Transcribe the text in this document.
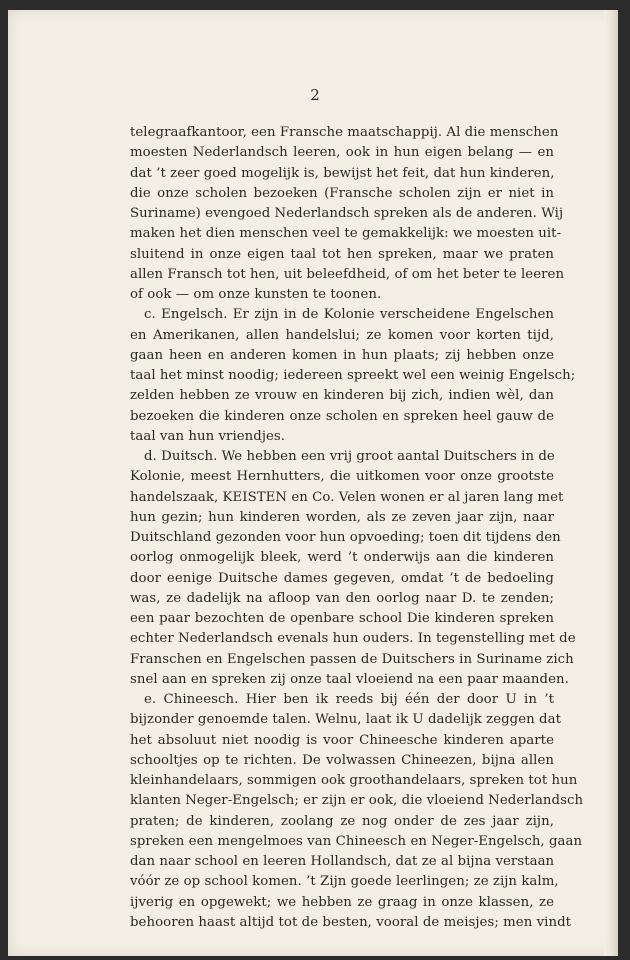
2
telegraafkantoor, een Fransche maatschappij. Al die menschen
moesten Nederlandsch leeren, ook in hun eigen belang — en
dat ’t zeer goed mogelijk is, bewijst het feit, dat hun kinderen,
die onze scholen bezoeken (Fransche scholen zijn er niet in
Suriname) evengoed Nederlandsch spreken als de anderen. Wij
maken het dien menschen veel te gemakkelijk: we moesten uit-
sluitend in onze eigen taal tot hen spreken, maar we praten
allen Fransch tot hen, uit beleefdheid, of om het beter te leeren
of ook — om onze kunsten te toonen.
c. Engelsch. Er zijn in de Kolonie verscheidene Engelschen
en Amerikanen, allen handelslui; ze komen voor korten tijd,
gaan heen en anderen komen in hun plaats; zij hebben onze
taal het minst noodig; iedereen spreekt wel een weinig Engelsch;
zelden hebben ze vrouw en kinderen bij zich, indien wèl, dan
bezoeken die kinderen onze scholen en spreken heel gauw de
taal van hun vriendjes.
d. Duitsch. We hebben een vrij groot aantal Duitschers in de
Kolonie, meest Hernhutters, die uitkomen voor onze grootste
handelszaak, KEISTEN en Co. Velen wonen er al jaren lang met
hun gezin; hun kinderen worden, als ze zeven jaar zijn, naar
Duitschland gezonden voor hun opvoeding; toen dit tijdens den
oorlog onmogelijk bleek, werd ’t onderwijs aan die kinderen
door eenige Duitsche dames gegeven, omdat ’t de bedoeling
was, ze dadelijk na afloop van den oorlog naar D. te zenden;
een paar bezochten de openbare school Die kinderen spreken
echter Nederlandsch evenals hun ouders. In tegenstelling met de
Franschen en Engelschen passen de Duitschers in Suriname zich
snel aan en spreken zij onze taal vloeiend na een paar maanden.
e. Chineesch. Hier ben ik reeds bij één der door U in ’t
bijzonder genoemde talen. Welnu, laat ik U dadelijk zeggen dat
het absoluut niet noodig is voor Chineesche kinderen aparte
schooltjes op te richten. De volwassen Chineezen, bijna allen
kleinhandelaars, sommigen ook groothandelaars, spreken tot hun
klanten Neger-Engelsch; er zijn er ook, die vloeiend Nederlandsch
praten; de kinderen, zoolang ze nog onder de zes jaar zijn,
spreken een mengelmoes van Chineesch en Neger-Engelsch, gaan
dan naar school en leeren Hollandsch, dat ze al bijna verstaan
vóór ze op school komen. ’t Zijn goede leerlingen; ze zijn kalm,
ijverig en opgewekt; we hebben ze graag in onze klassen, ze
behooren haast altijd tot de besten, vooral de meisjes; men vindt
